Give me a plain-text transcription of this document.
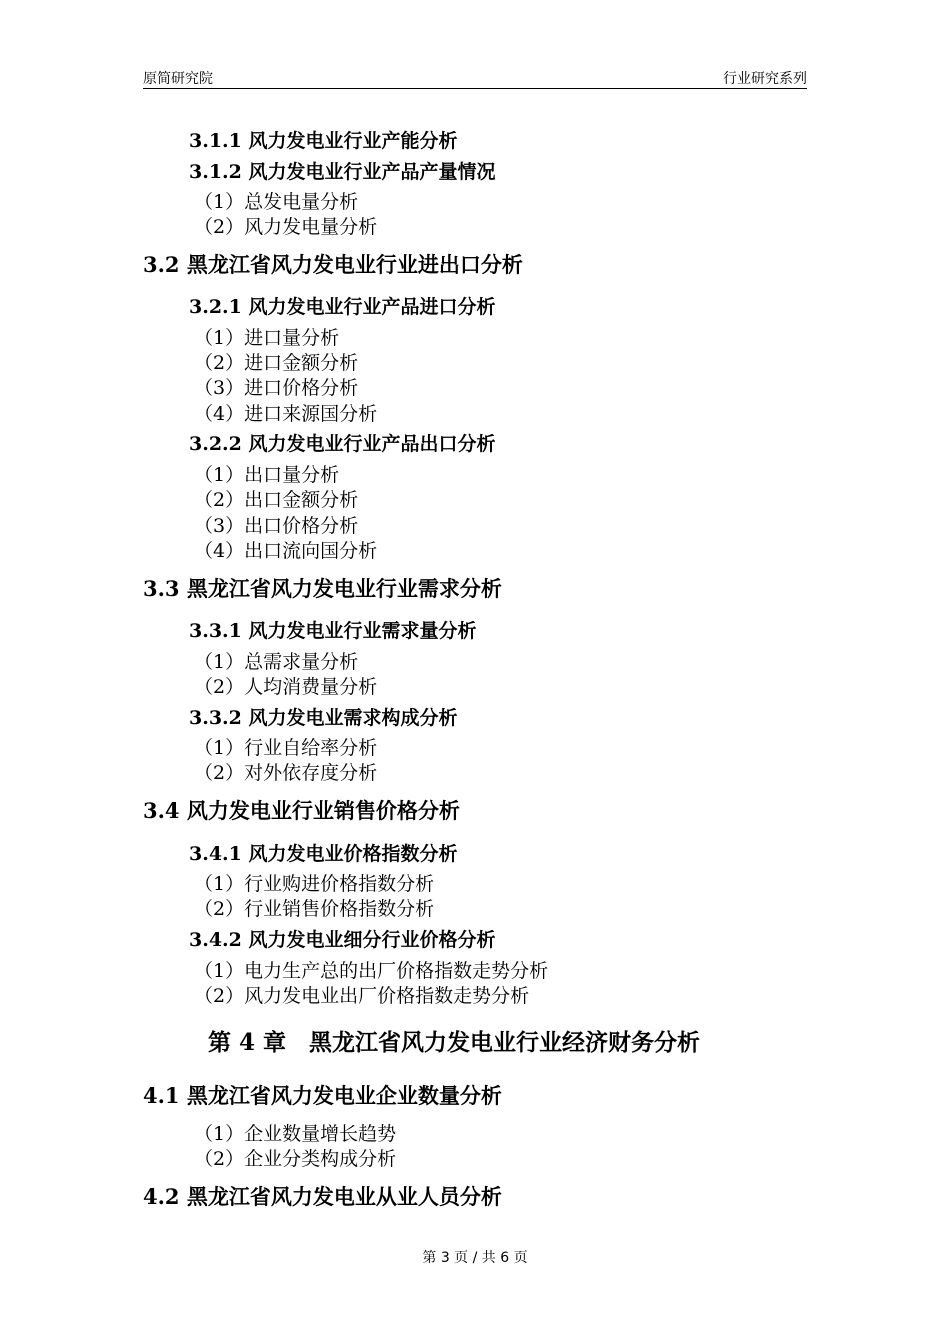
原简研究院	行业研究系列
3.1.1 风力发电业行业产能分析
3.1.2 风力发电业行业产品产量情况
（1）总发电量分析
（2）风力发电量分析
3.2 黑龙江省风力发电业行业进出口分析
3.2.1 风力发电业行业产品进口分析
（1）进口量分析
（2）进口金额分析
（3）进口价格分析
（4）进口来源国分析
3.2.2 风力发电业行业产品出口分析
（1）出口量分析
（2）出口金额分析
（3）出口价格分析
（4）出口流向国分析
3.3 黑龙江省风力发电业行业需求分析
3.3.1 风力发电业行业需求量分析
（1）总需求量分析
（2）人均消费量分析
3.3.2 风力发电业需求构成分析
（1）行业自给率分析
（2）对外依存度分析
3.4 风力发电业行业销售价格分析
3.4.1 风力发电业价格指数分析
（1）行业购进价格指数分析
（2）行业销售价格指数分析
3.4.2 风力发电业细分行业价格分析
（1）电力生产总的出厂价格指数走势分析
（2）风力发电业出厂价格指数走势分析
第 4 章　黑龙江省风力发电业行业经济财务分析
4.1 黑龙江省风力发电业企业数量分析
（1）企业数量增长趋势
（2）企业分类构成分析
4.2 黑龙江省风力发电业从业人员分析
第 3 页 / 共 6 页
